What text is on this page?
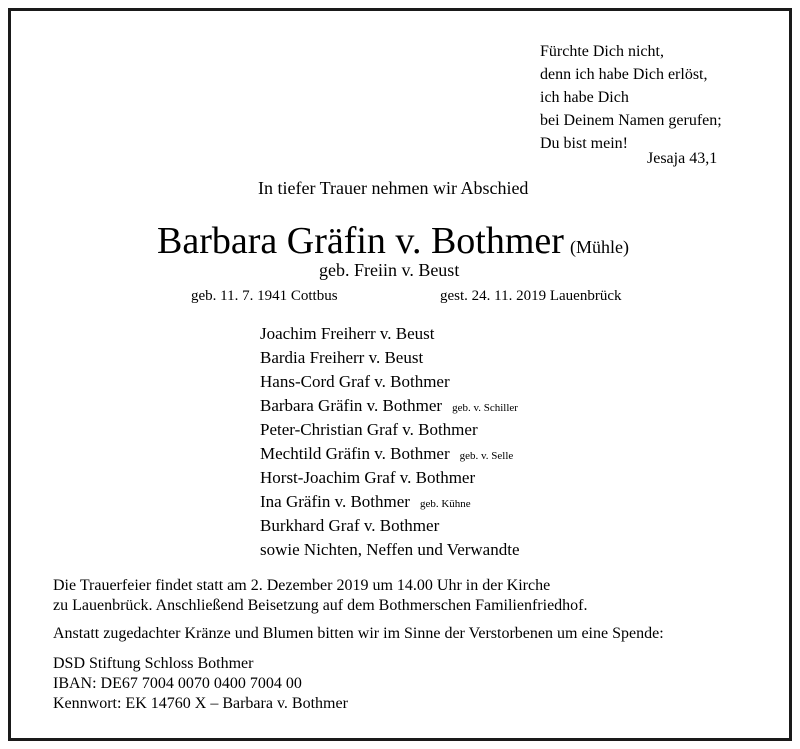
Fürchte Dich nicht,
denn ich habe Dich erlöst,
ich habe Dich
bei Deinem Namen gerufen;
Du bist mein!
Jesaja 43,1
In tiefer Trauer nehmen wir Abschied
Barbara Gräfin v. Bothmer (Mühle)
geb. Freiin v. Beust
geb. 11. 7. 1941 Cottbus	gest. 24. 11. 2019 Lauenbrück
Joachim Freiherr v. Beust
Bardia Freiherr v. Beust
Hans-Cord Graf v. Bothmer
Barbara Gräfin v. Bothmer geb. v. Schiller
Peter-Christian Graf v. Bothmer
Mechtild Gräfin v. Bothmer geb. v. Selle
Horst-Joachim Graf v. Bothmer
Ina Gräfin v. Bothmer geb. Kühne
Burkhard Graf v. Bothmer
sowie Nichten, Neffen und Verwandte
Die Trauerfeier findet statt am 2. Dezember 2019 um 14.00 Uhr in der Kirche
zu Lauenbrück. Anschließend Beisetzung auf dem Bothmerschen Familienfriedhof.
Anstatt zugedachter Kränze und Blumen bitten wir im Sinne der Verstorbenen um eine Spende:
DSD Stiftung Schloss Bothmer
IBAN: DE67 7004 0070 0400 7004 00
Kennwort: EK 14760 X – Barbara v. Bothmer
